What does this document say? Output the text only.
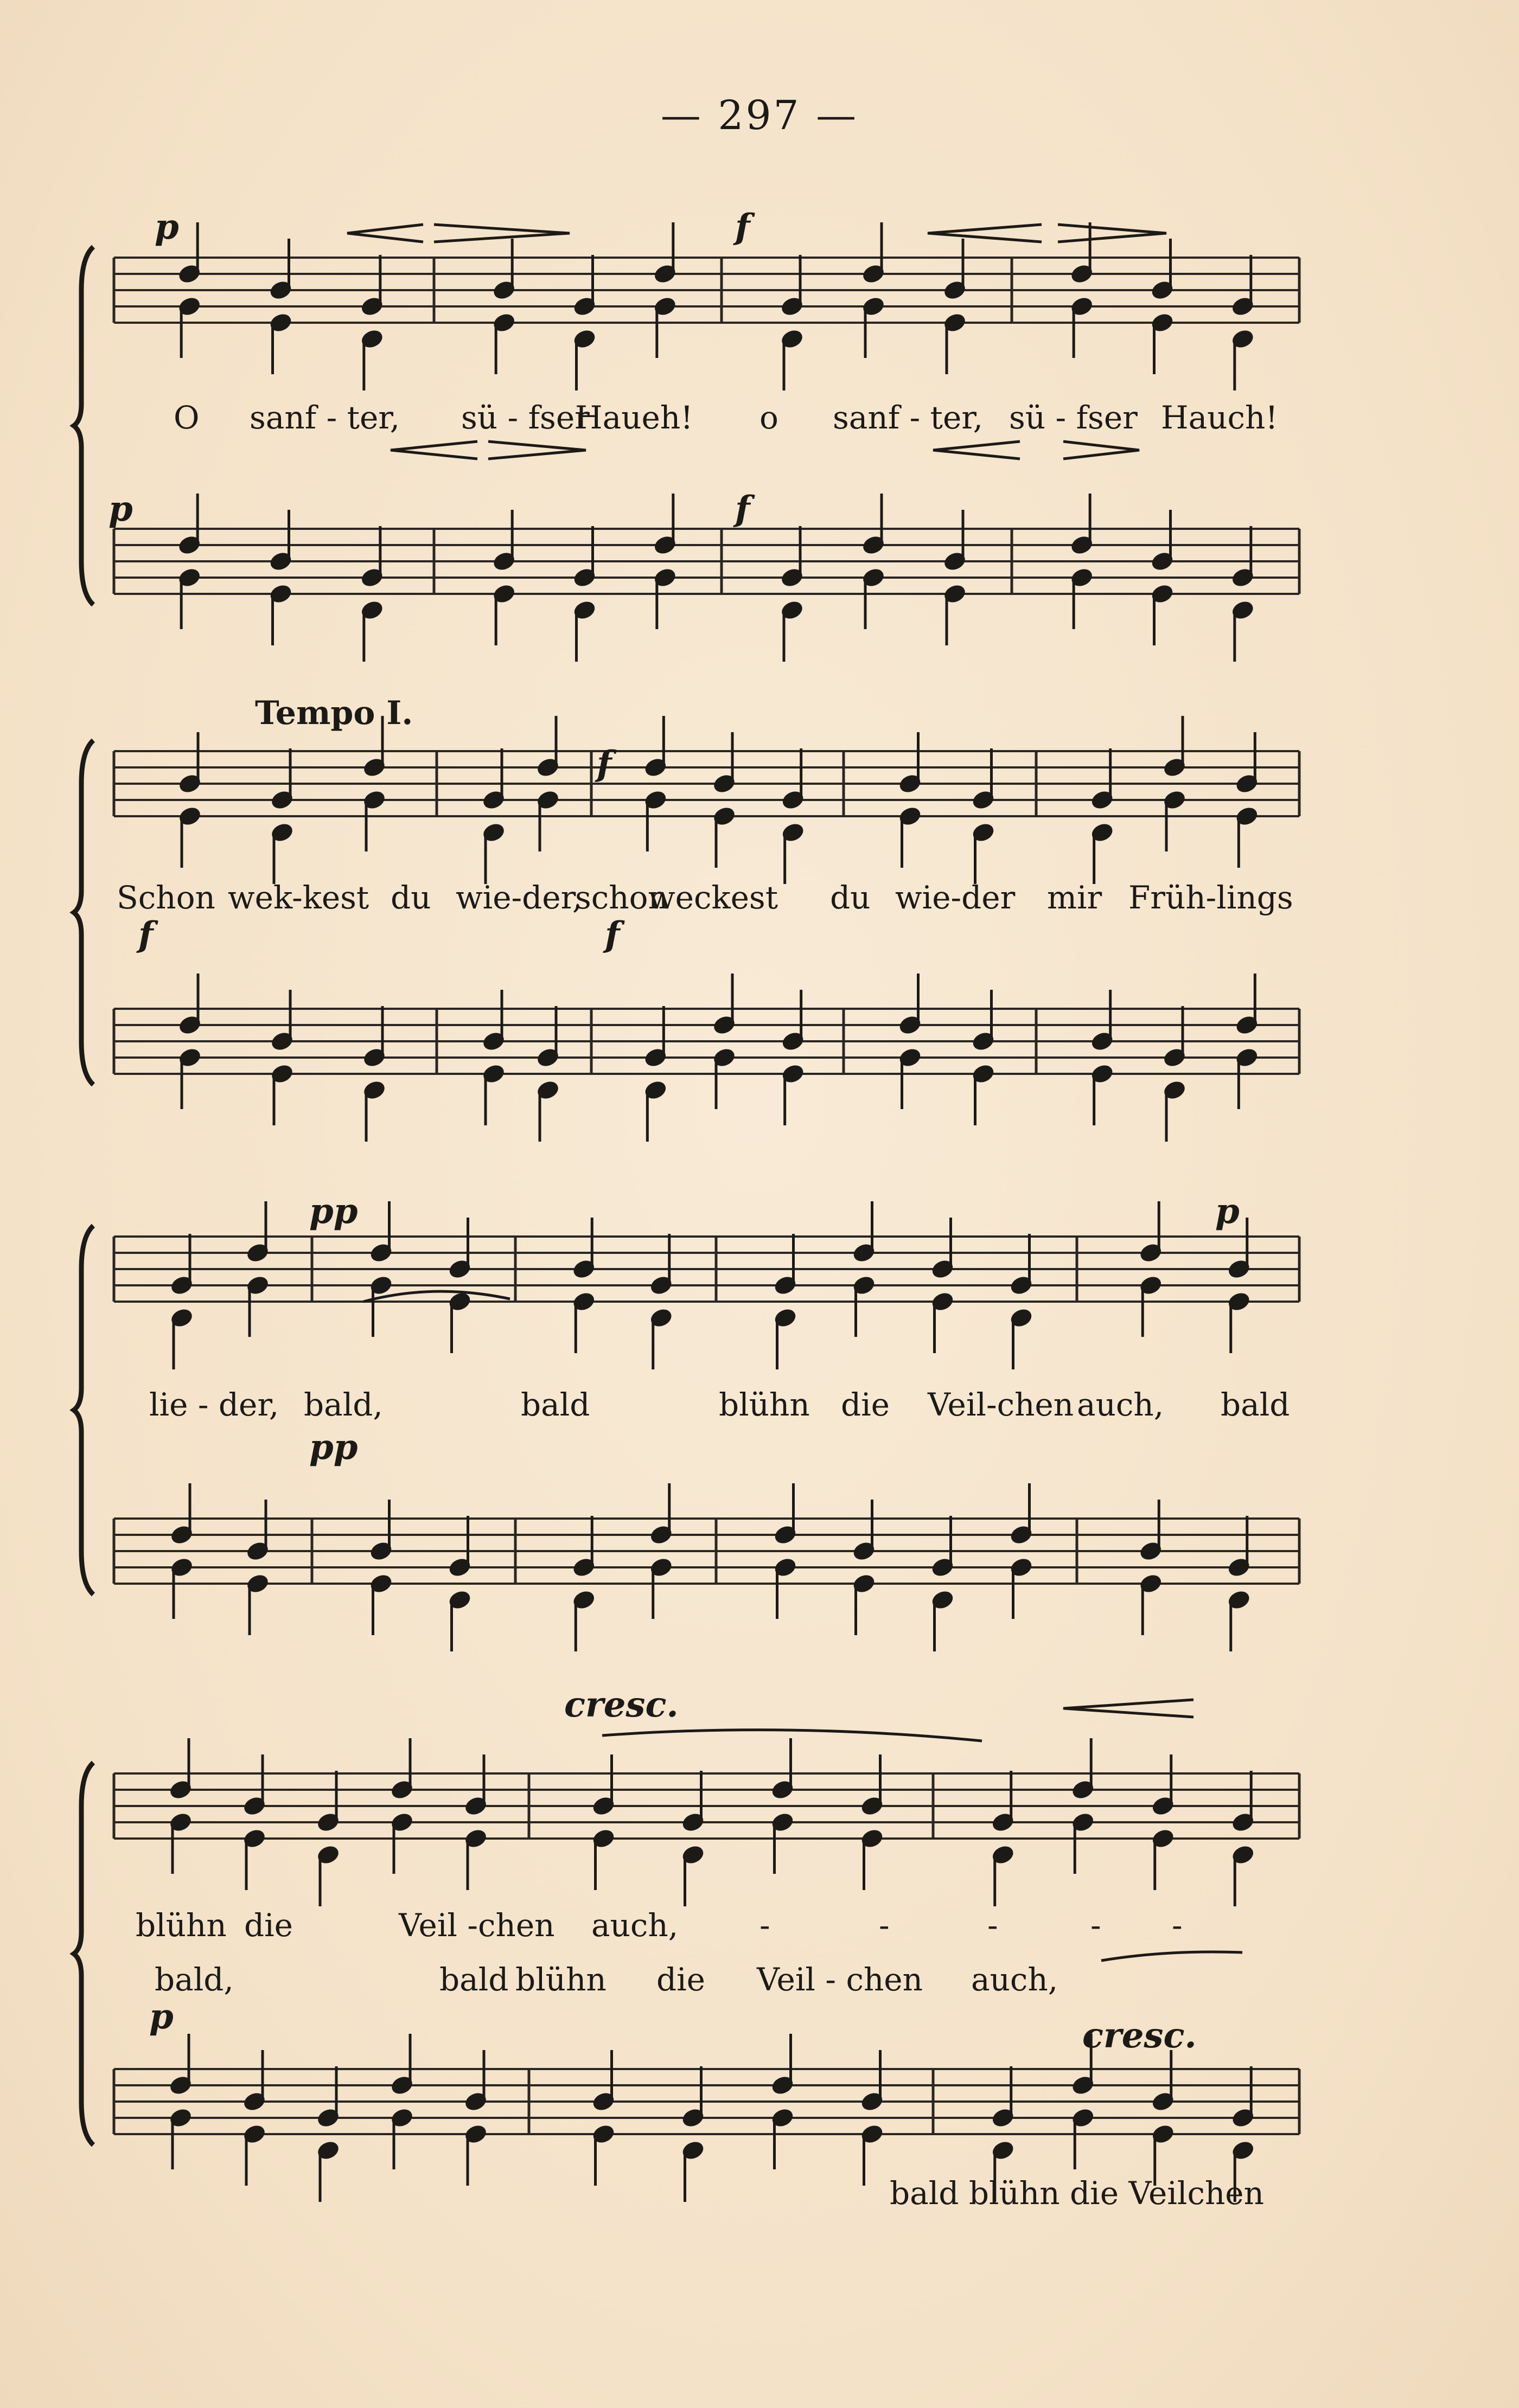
— 297 —
p	f
p	f
O sanf - ter, sü - fser
Haueh! o sanf - ter, sü - fser Hauch!
Tempo I.
f
f	f
Schon wek-kest du wie-der,
schon
weckest du wie-der mir Früh-lings
pp	p
pp
lie - der, bald,	bald	blühn die Veil-chen auch, bald
cresc.
p	cresc.
blühn die	Veil -chen auch,	-	-	-	- -
bald,	bald blühn die Veil - chen auch,
bald blühn die Veilchen
